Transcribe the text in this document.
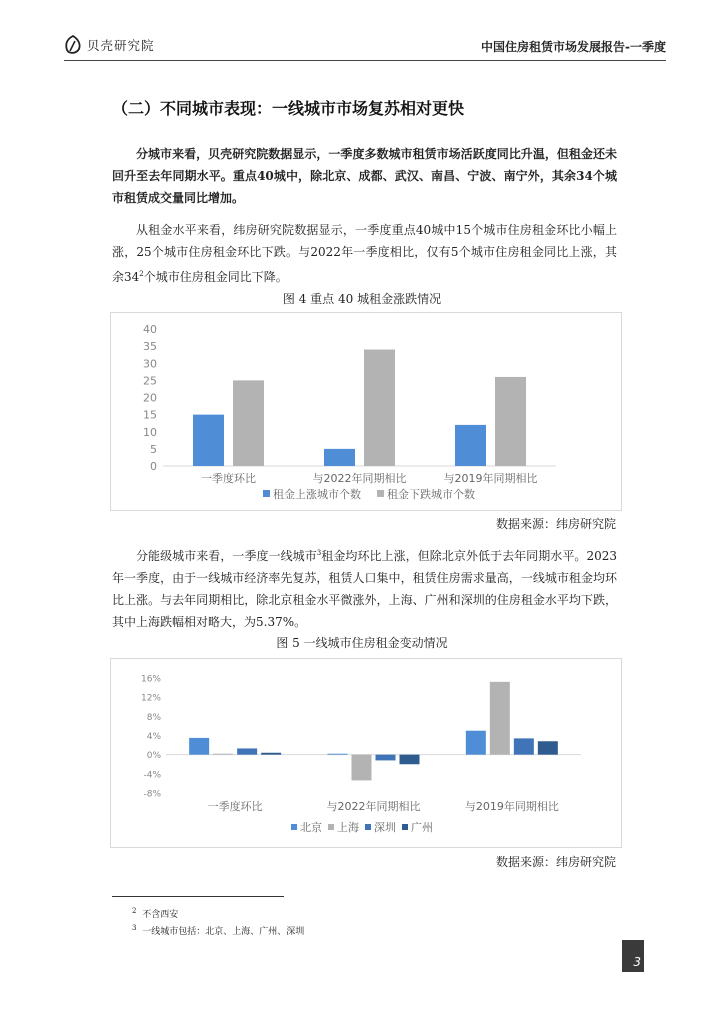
贝壳研究院	中国住房租赁市场发展报告-一季度
（二）不同城市表现：一线城市市场复苏相对更快

分城市来看，贝壳研究院数据显示，一季度多数城市租赁市场活跃度同比升温，但租金还未回升至去年同期水平。重点40城中，除北京、成都、武汉、南昌、宁波、南宁外，其余34个城市租赁成交量同比增加。

从租金水平来看，纬房研究院数据显示，一季度重点40城中15个城市住房租金环比小幅上涨，25个城市住房租金环比下跌。与2022年一季度相比，仅有5个城市住房租金同比上涨，其余$34^2$个城市住房租金同比下降。

图 4 重点 40 城租金涨跌情况
0
5
10
15
20
25
30
35
40
一季度环比	与2022年同期相比	与2019年同期相比
租金上涨城市个数 租金下跌城市个数
数据来源：纬房研究院

分能级城市来看，一季度一线城市$^3$租金均环比上涨，但除北京外低于去年同期水平。2023年一季度，由于一线城市经济率先复苏，租赁人口集中，租赁住房需求量高，一线城市租金均环比上涨。与去年同期相比，除北京租金水平微涨外，上海、广州和深圳的住房租金水平均下跌，其中上海跌幅相对略大，为5.37%。

图 5 一线城市住房租金变动情况
16%
12%
8%
4%
0%
-4%
-8%
一季度环比	与2022年同期相比	与2019年同期相比
北京 上海 深圳 广州
数据来源：纬房研究院
$^2$ 不含西安
$^3$ 一线城市包括：北京、上海、广州、深圳
3
